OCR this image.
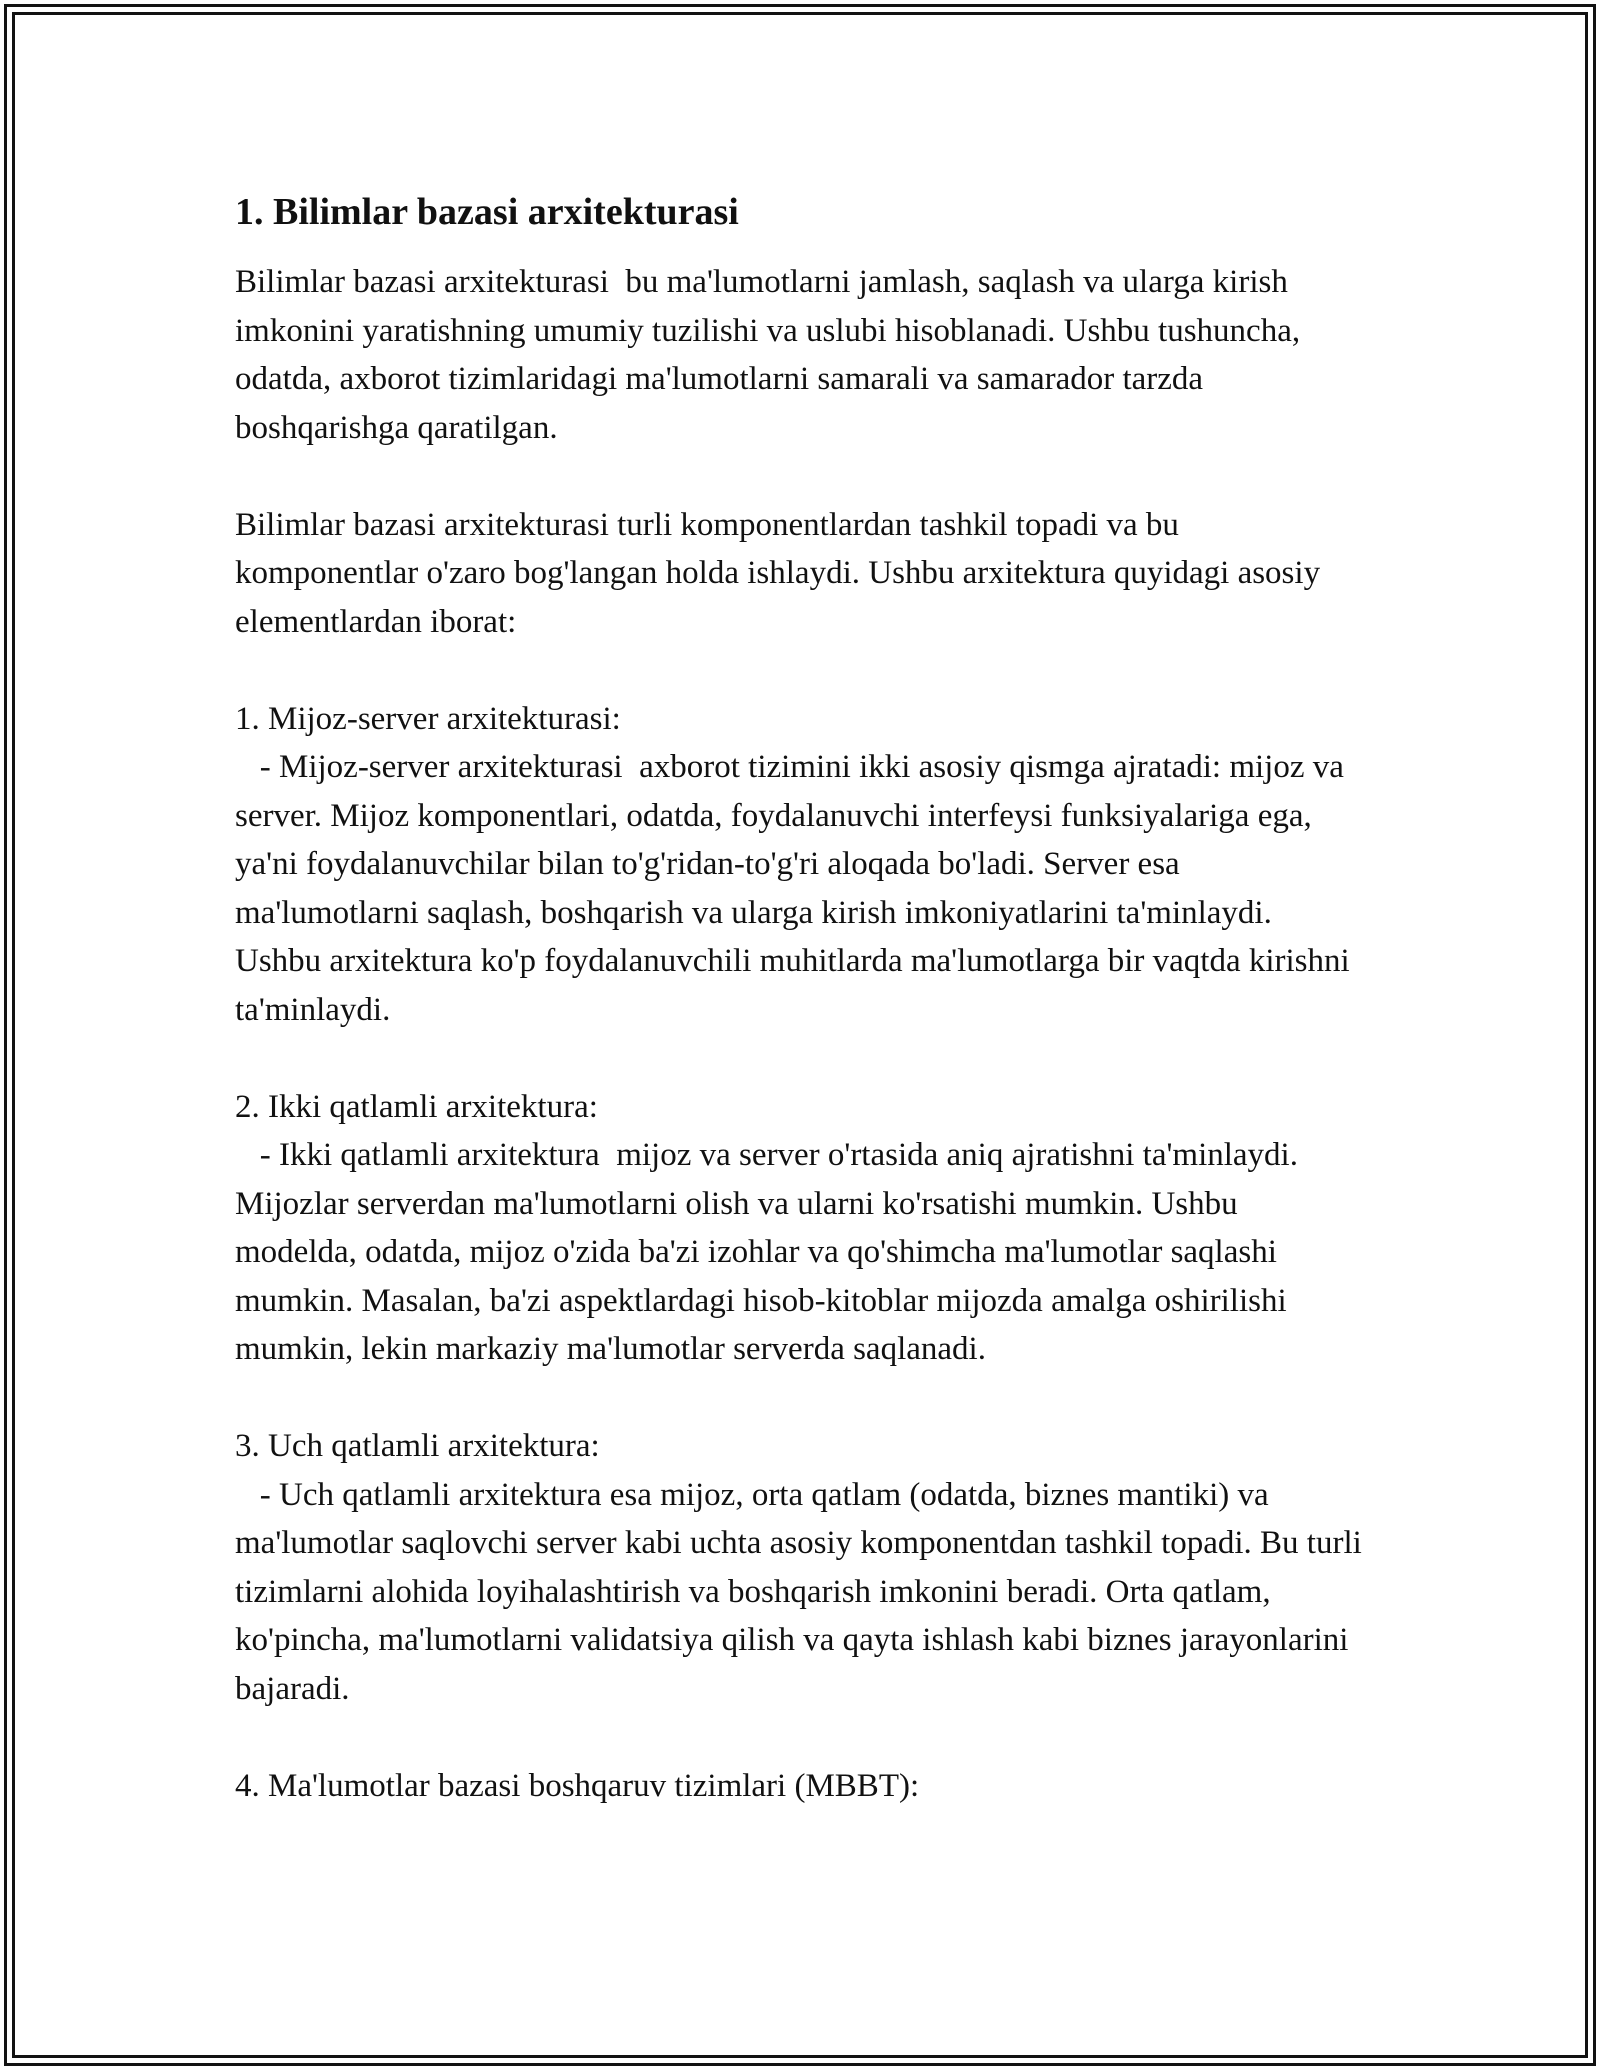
1. Bilimlar bazasi arxitekturasi

Bilimlar bazasi arxitekturasi  bu ma'lumotlarni jamlash, saqlash va ularga kirish imkonini yaratishning umumiy tuzilishi va uslubi hisoblanadi. Ushbu tushuncha, odatda, axborot tizimlaridagi ma'lumotlarni samarali va samarador tarzda boshqarishga qaratilgan.

Bilimlar bazasi arxitekturasi turli komponentlardan tashkil topadi va bu komponentlar o'zaro bog'langan holda ishlaydi. Ushbu arxitektura quyidagi asosiy elementlardan iborat:

1. Mijoz-server arxitekturasi:

- Mijoz-server arxitekturasi  axborot tizimini ikki asosiy qismga ajratadi: mijoz va server. Mijoz komponentlari, odatda, foydalanuvchi interfeysi funksiyalariga ega, ya'ni foydalanuvchilar bilan to'g'ridan-to'g'ri aloqada bo'ladi. Server esa ma'lumotlarni saqlash, boshqarish va ularga kirish imkoniyatlarini ta'minlaydi. Ushbu arxitektura ko'p foydalanuvchili muhitlarda ma'lumotlarga bir vaqtda kirishni ta'minlaydi.

2. Ikki qatlamli arxitektura:

- Ikki qatlamli arxitektura  mijoz va server o'rtasida aniq ajratishni ta'minlaydi. Mijozlar serverdan ma'lumotlarni olish va ularni ko'rsatishi mumkin. Ushbu modelda, odatda, mijoz o'zida ba'zi izohlar va qo'shimcha ma'lumotlar saqlashi mumkin. Masalan, ba'zi aspektlardagi hisob-kitoblar mijozda amalga oshirilishi mumkin, lekin markaziy ma'lumotlar serverda saqlanadi.

3. Uch qatlamli arxitektura:

- Uch qatlamli arxitektura esa mijoz, orta qatlam (odatda, biznes mantiki) va ma'lumotlar saqlovchi server kabi uchta asosiy komponentdan tashkil topadi. Bu turli tizimlarni alohida loyihalashtirish va boshqarish imkonini beradi. Orta qatlam, ko'pincha, ma'lumotlarni validatsiya qilish va qayta ishlash kabi biznes jarayonlarini bajaradi.

4. Ma'lumotlar bazasi boshqaruv tizimlari (MBBT):
